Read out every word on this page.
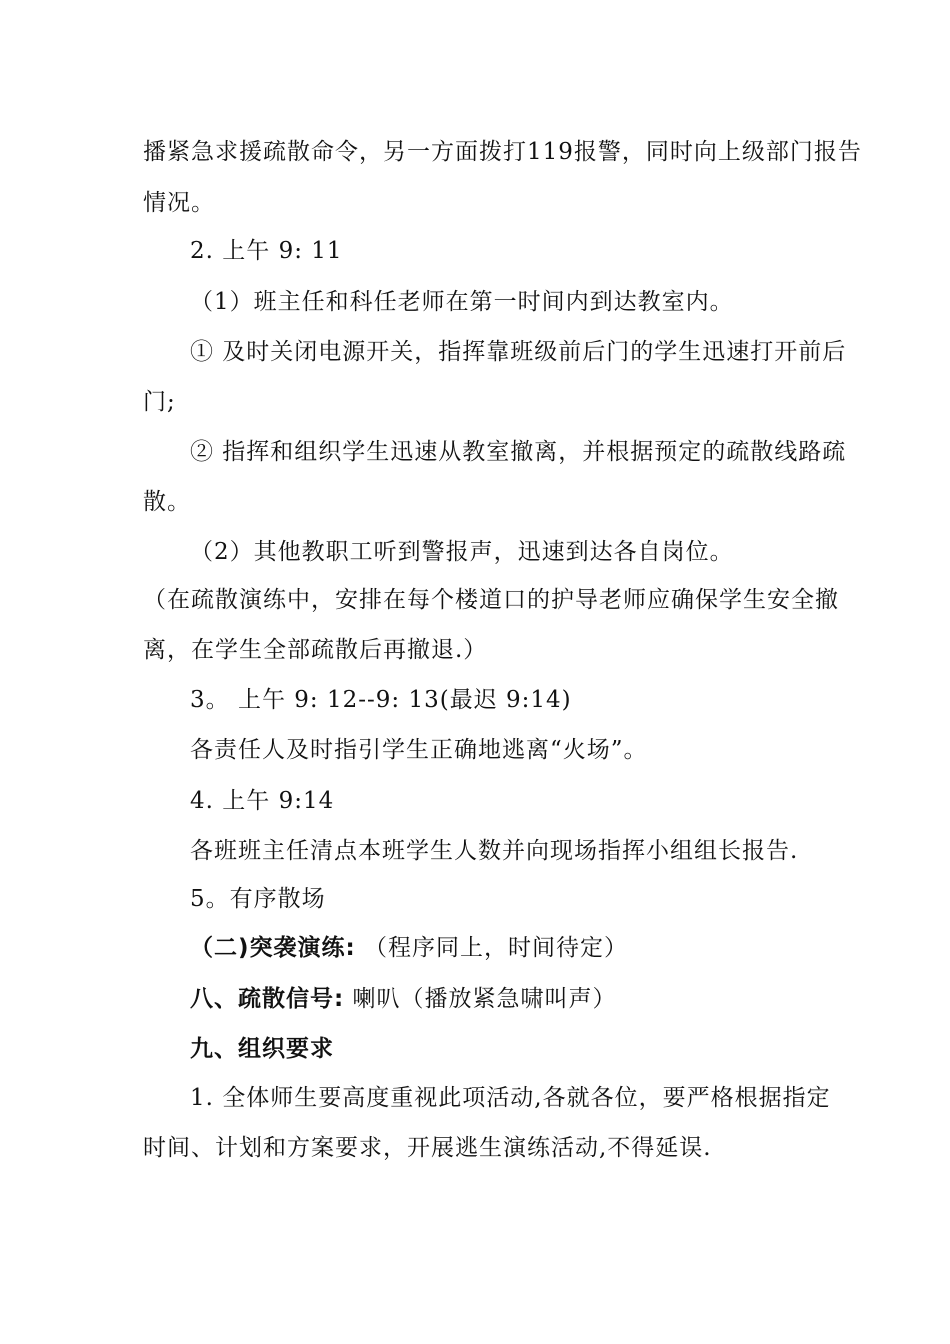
播紧急求援疏散命令，另一方面拨打119报警，同时向上级部门报告
情况。
2. 上午 9: 11
（1）班主任和科任老师在第一时间内到达教室内。
① 及时关闭电源开关，指挥靠班级前后门的学生迅速打开前后
门;
② 指挥和组织学生迅速从教室撤离，并根据预定的疏散线路疏
散。
（2）其他教职工听到警报声，迅速到达各自岗位。
（在疏散演练中，安排在每个楼道口的护导老师应确保学生安全撤
离，在学生全部疏散后再撤退.）
3。 上午 9: 12--9: 13(最迟 9:14)
各责任人及时指引学生正确地逃离“火场”。
4. 上午 9:14
各班班主任清点本班学生人数并向现场指挥小组组长报告.
5。有序散场
（二)突袭演练: （程序同上，时间待定）
八、疏散信号: 喇叭（播放紧急啸叫声）
九、组织要求
1. 全体师生要高度重视此项活动,各就各位，要严格根据指定
时间、计划和方案要求，开展逃生演练活动,不得延误.
